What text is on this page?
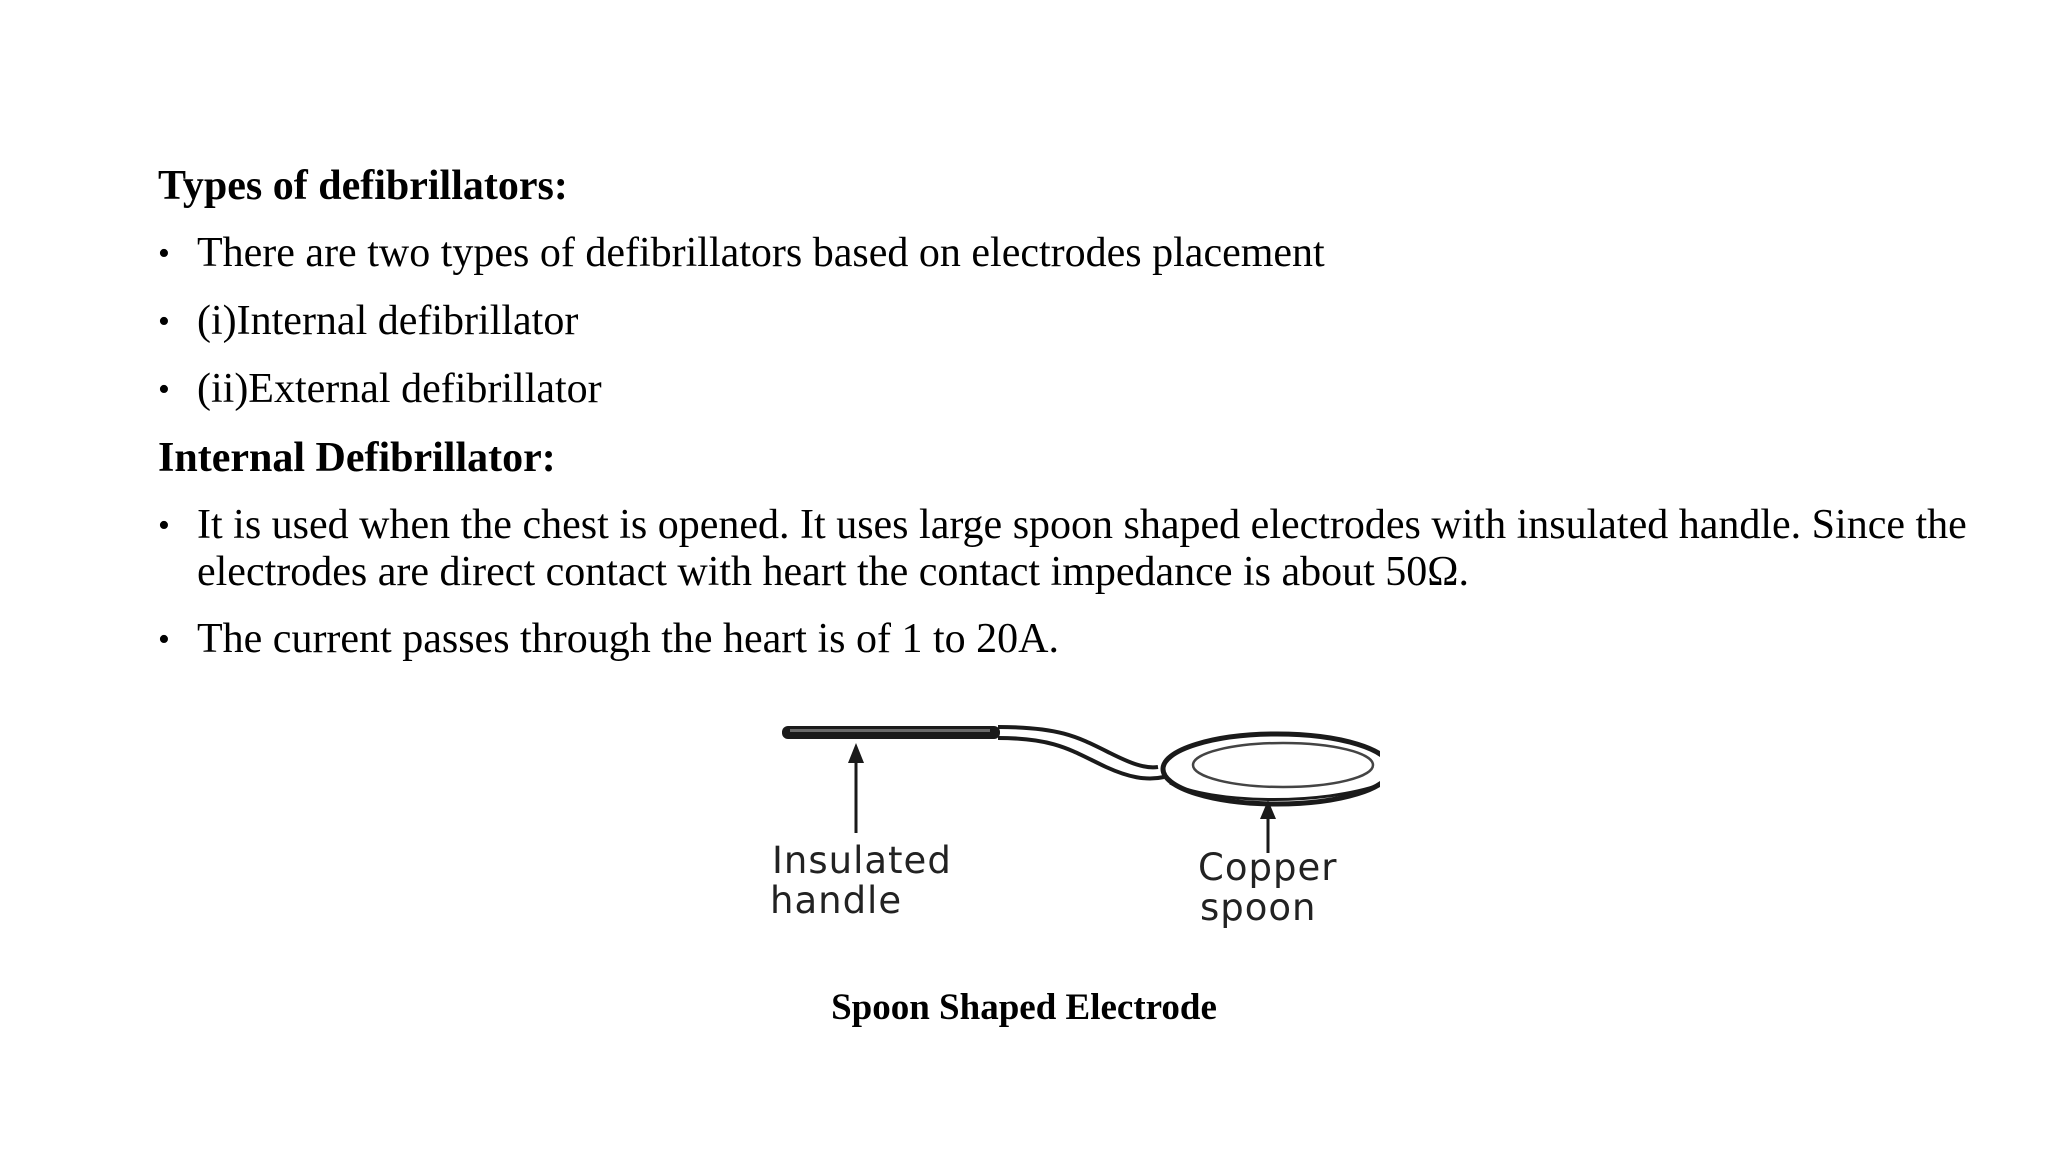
Types of defibrillators:
• There are two types of defibrillators based on electrodes placement
• (i)Internal defibrillator
• (ii)External defibrillator
Internal Defibrillator:
• It is used when the chest is opened. It uses large spoon shaped electrodes with insulated handle. Since the electrodes are direct contact with heart the contact impedance is about 50Ω.
• The current passes through the heart is of 1 to 20A.
Insulated
handle
Copper
spoon
Spoon Shaped Electrode
